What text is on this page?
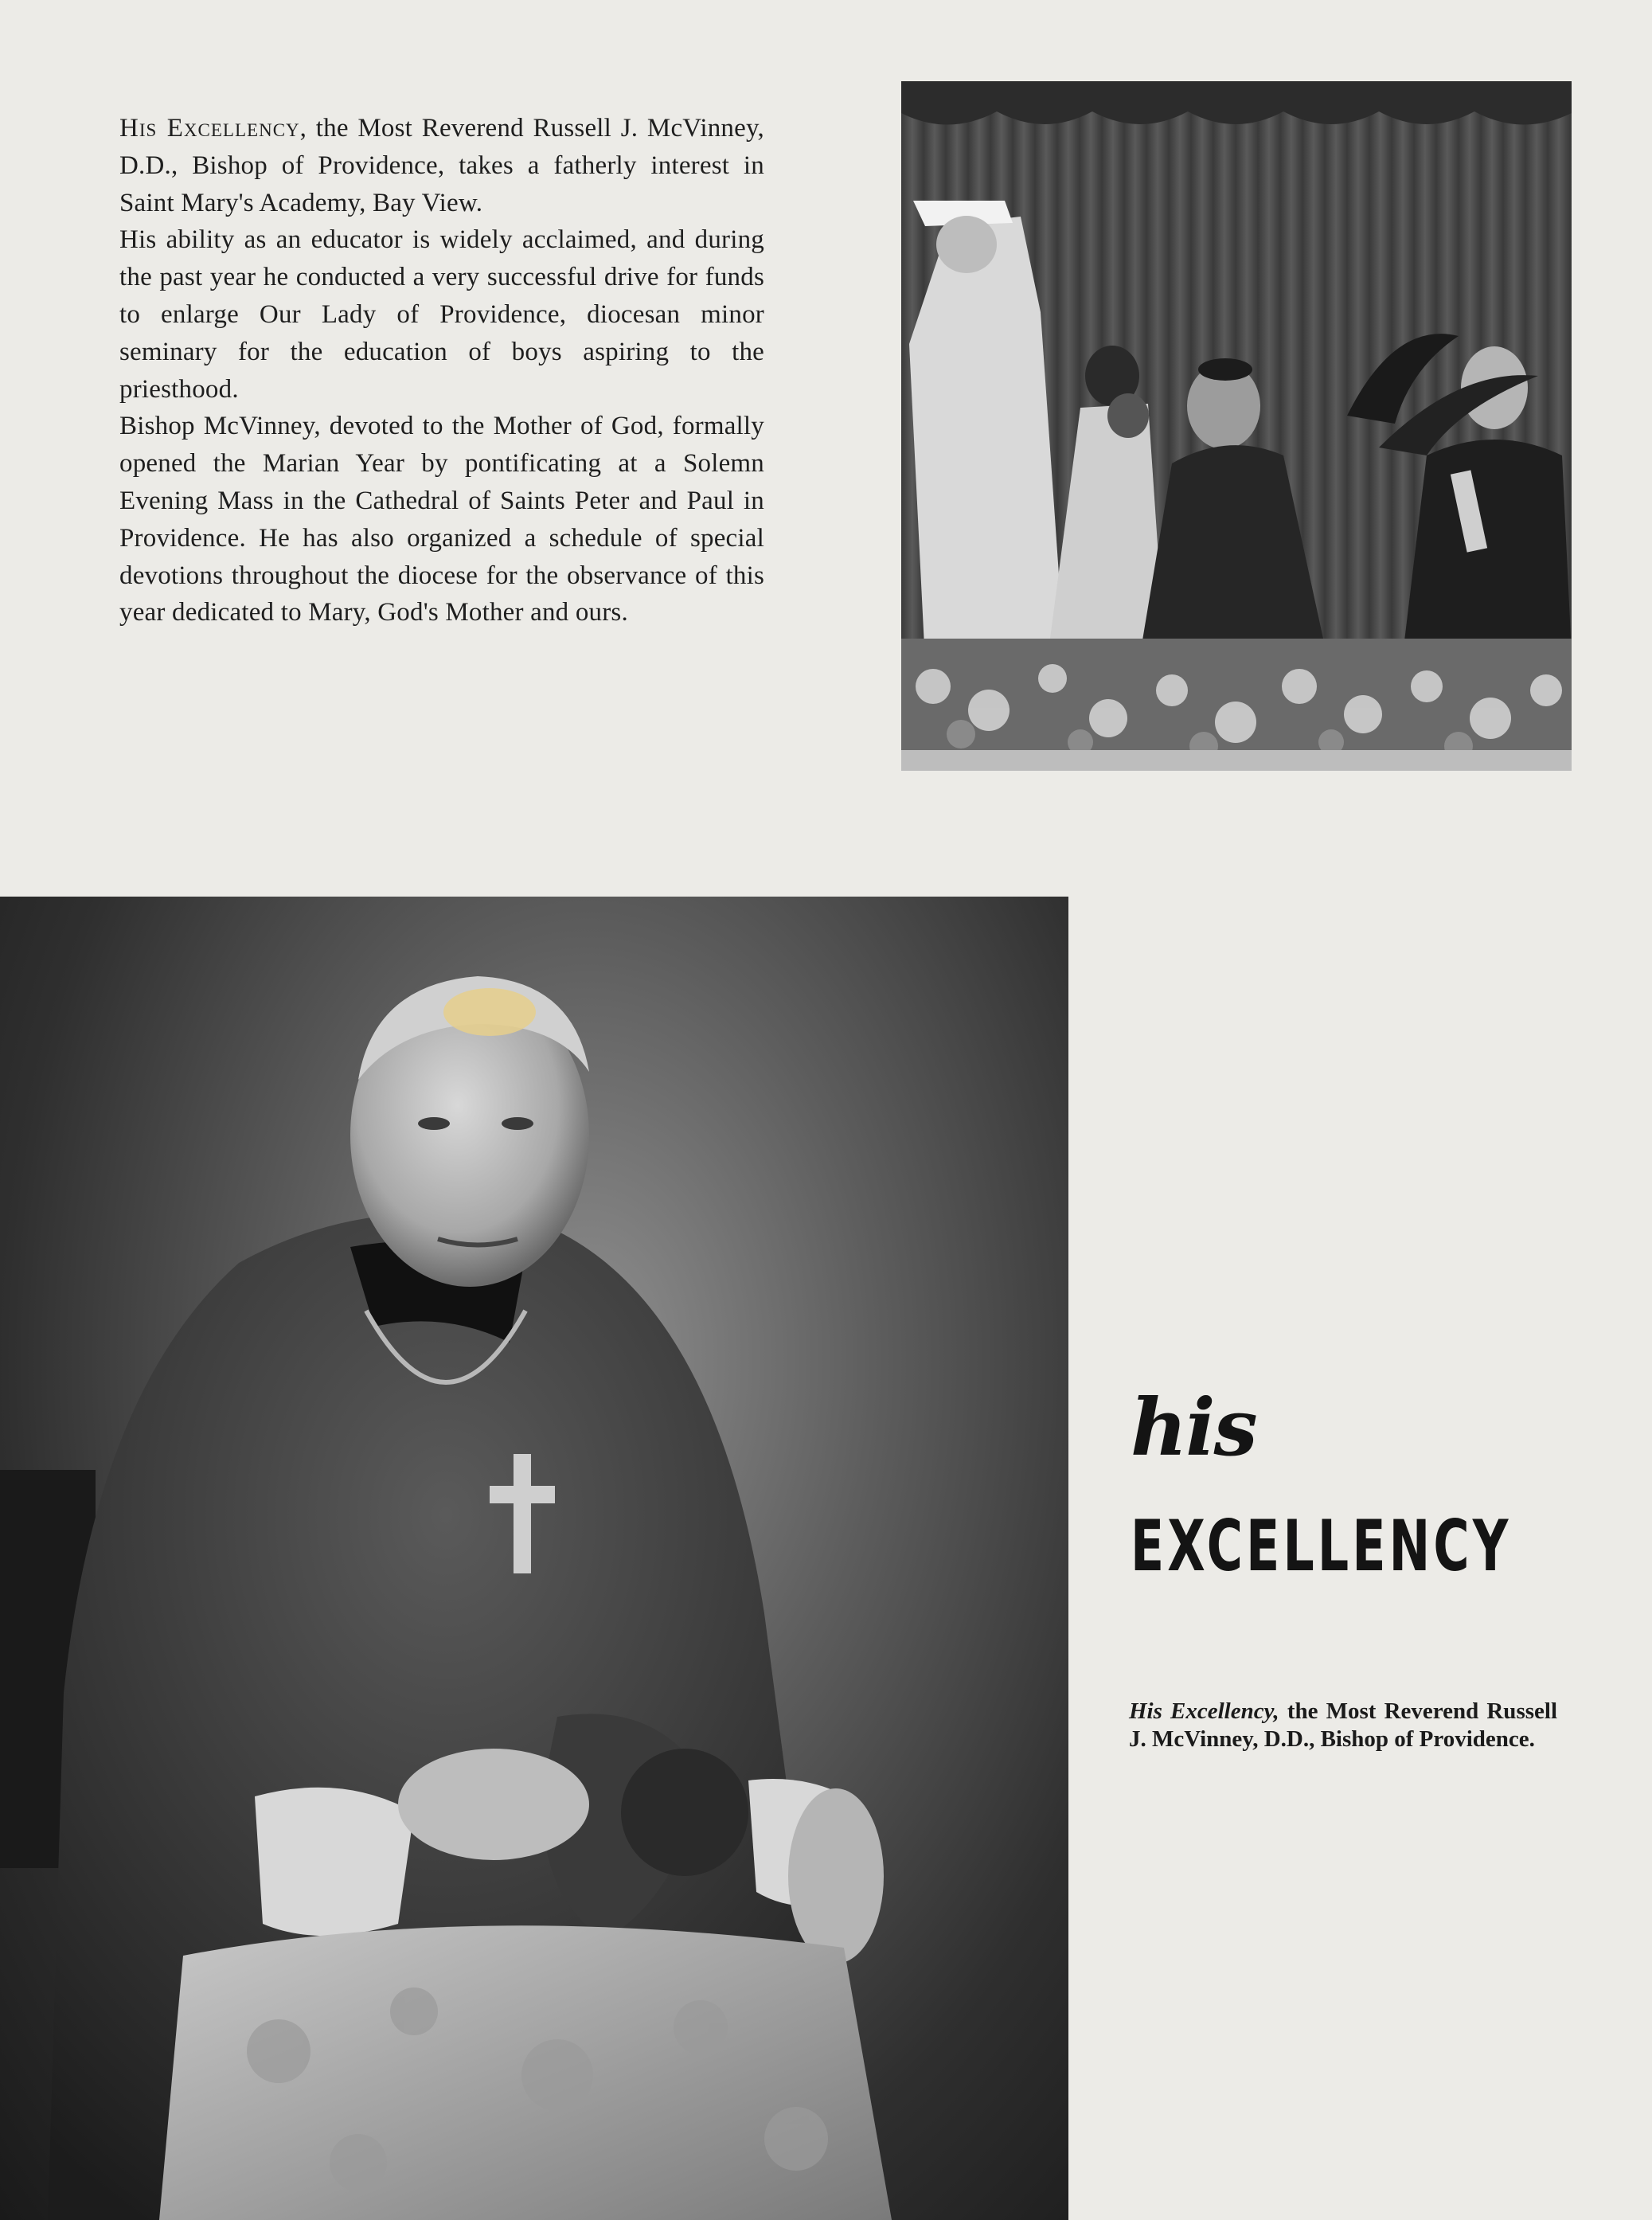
His Excellency, the Most Reverend Russell J. McVinney, D.D., Bishop of Providence, takes a fatherly interest in Saint Mary's Academy, Bay View.

His ability as an educator is widely acclaimed, and during the past year he conducted a very successful drive for funds to enlarge Our Lady of Providence, diocesan minor seminary for the education of boys aspiring to the priesthood.

Bishop McVinney, devoted to the Mother of God, formally opened the Marian Year by pontificating at a Solemn Evening Mass in the Cathedral of Saints Peter and Paul in Providence. He has also organized a schedule of special devotions throughout the diocese for the observance of this year dedicated to Mary, God's Mother and ours.

his
EXCELLENCY
His Excellency, the Most Reverend Russell J. McVinney, D.D., Bishop of Providence.
